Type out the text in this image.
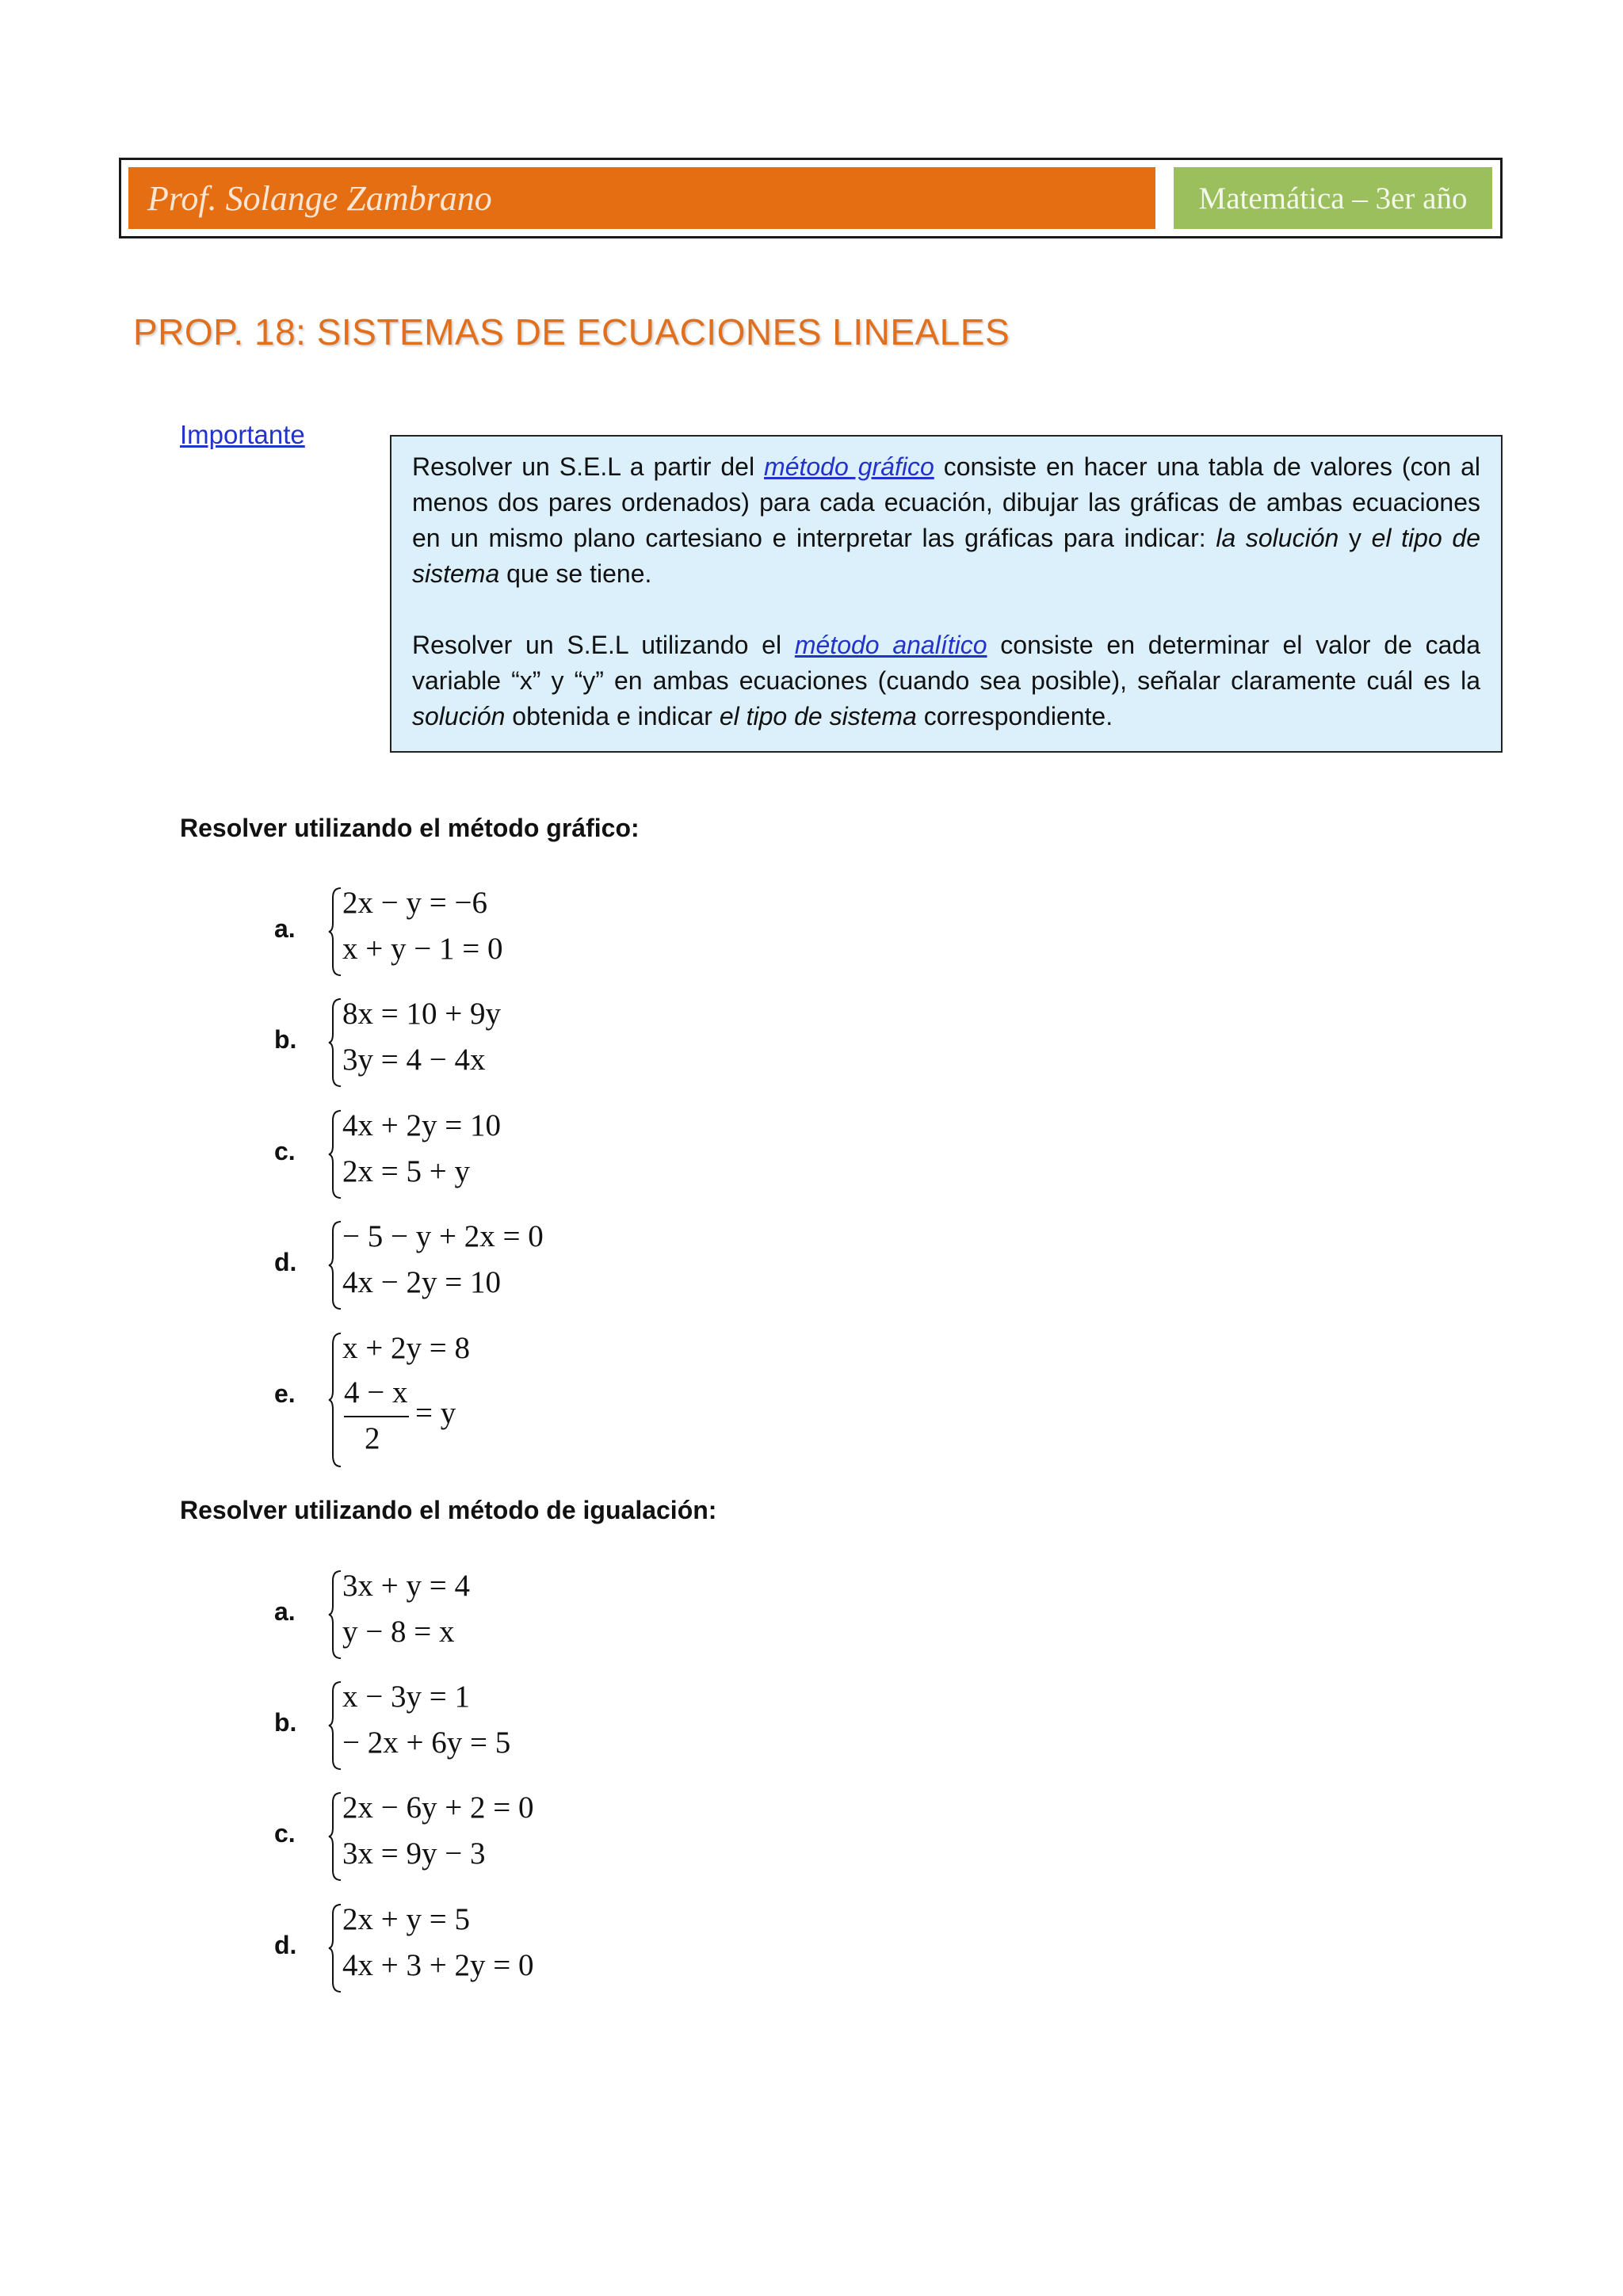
Prof. Solange Zambrano	Matemática – 3er año
PROP. 18: SISTEMAS DE ECUACIONES LINEALES
Importante

Resolver un S.E.L a partir del método gráfico consiste en hacer una tabla de valores (con al menos dos pares ordenados) para cada ecuación, dibujar las gráficas de ambas ecuaciones en un mismo plano cartesiano e interpretar las gráficas para indicar: la solución y el tipo de sistema que se tiene.

Resolver un S.E.L utilizando el método analítico consiste en determinar el valor de cada variable “x” y “y” en ambas ecuaciones (cuando sea posible), señalar claramente cuál es la solución obtenida e indicar el tipo de sistema correspondiente.

Resolver utilizando el método gráfico:
a.
2x − y = −6
x + y − 1 = 0
b.
8x = 10 + 9y
3y = 4 − 4x
c.
4x + 2y = 10
2x = 5 + y
d.
− 5 − y + 2x = 0
4x − 2y = 10
e.
x + 2y = 8
4 − x
2
= y
Resolver utilizando el método de igualación:
a.
3x + y = 4
y − 8 = x
b.
x − 3y = 1
− 2x + 6y = 5
c.
2x − 6y + 2 = 0
3x = 9y − 3
d.
2x + y = 5
4x + 3 + 2y = 0
